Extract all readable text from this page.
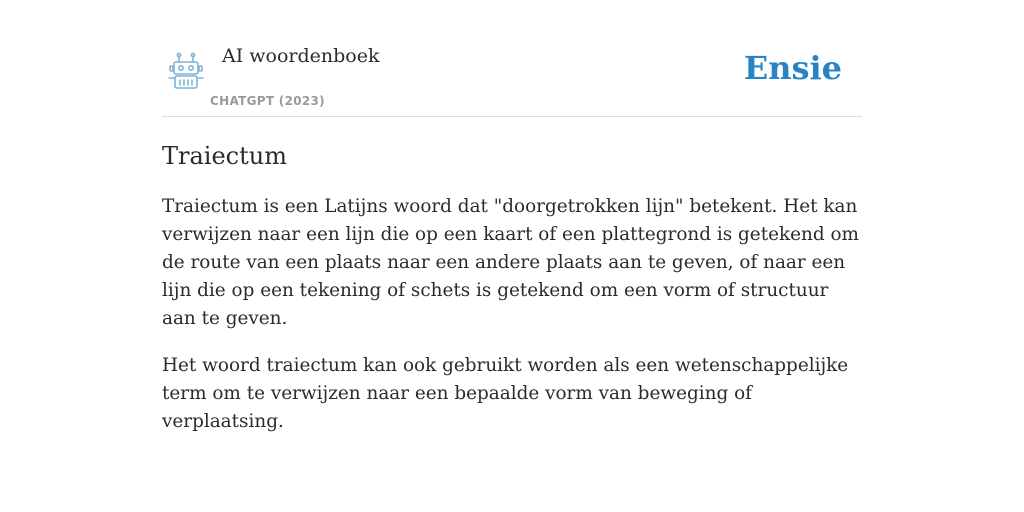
AI woordenboek
CHATGPT (2023)
Ensie
Traiectum

Traiectum is een Latijns woord dat "doorgetrokken lijn" betekent. Het kan verwijzen naar een lijn die op een kaart of een plattegrond is getekend om de route van een plaats naar een andere plaats aan te geven, of naar een lijn die op een tekening of schets is getekend om een vorm of structuur aan te geven.

Het woord traiectum kan ook gebruikt worden als een wetenschappelijke term om te verwijzen naar een bepaalde vorm van beweging of verplaatsing.
